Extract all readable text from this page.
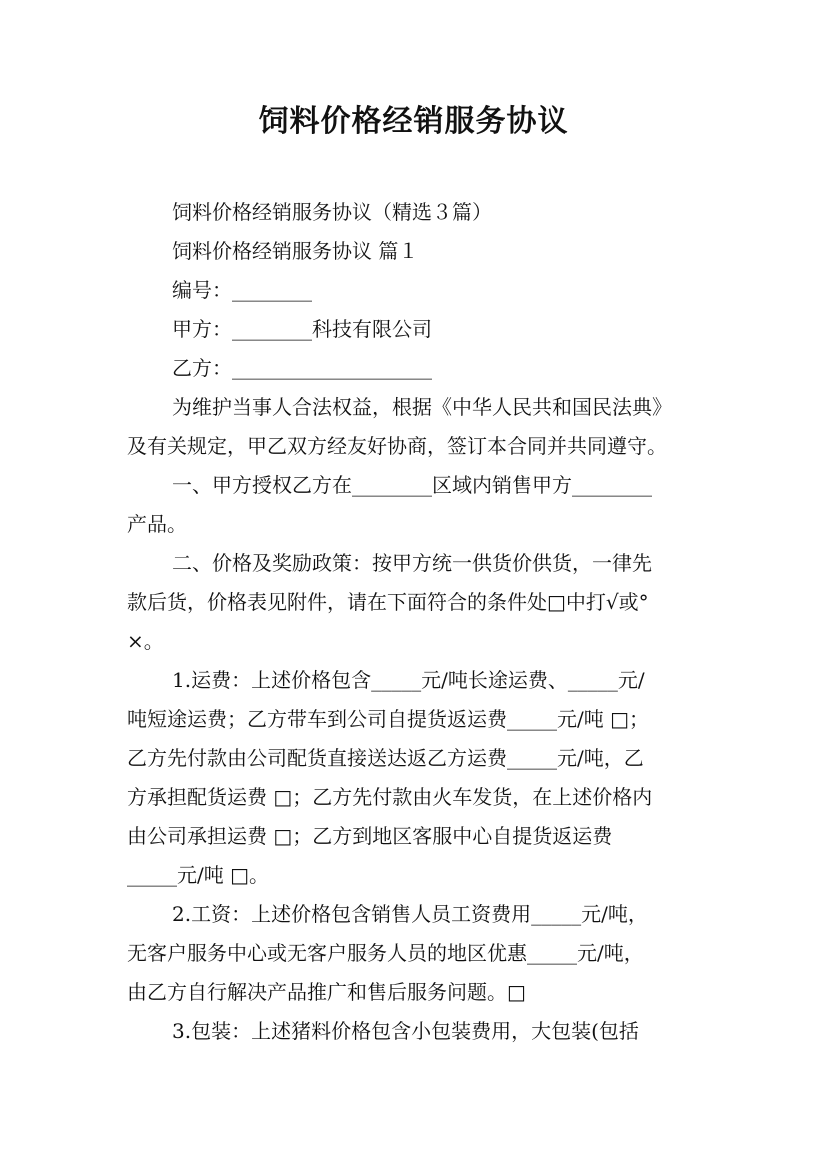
饲料价格经销服务协议
饲料价格经销服务协议（精选３篇）
饲料价格经销服务协议 篇１
编号：________
甲方：________科技有限公司
乙方：____________________
为维护当事人合法权益，根据《中华人民共和国民法典》
及有关规定，甲乙双方经友好协商，签订本合同并共同遵守。
一、甲方授权乙方在________区域内销售甲方________
产品。
二、价格及奖励政策：按甲方统一供货价供货，一律先
款后货，价格表见附件，请在下面符合的条件处□中打√或°
×。
1.运费：上述价格包含_____元/吨长途运费、_____元/
吨短途运费；乙方带车到公司自提货返运费_____元/吨 □；
乙方先付款由公司配货直接送达返乙方运费_____元/吨，乙
方承担配货运费 □；乙方先付款由火车发货，在上述价格内
由公司承担运费 □；乙方到地区客服中心自提货返运费
_____元/吨 □。
2.工资：上述价格包含销售人员工资费用_____元/吨，
无客户服务中心或无客户服务人员的地区优惠_____元/吨，
由乙方自行解决产品推广和售后服务问题。□
3.包装：上述猪料价格包含小包装费用，大包装(包括
